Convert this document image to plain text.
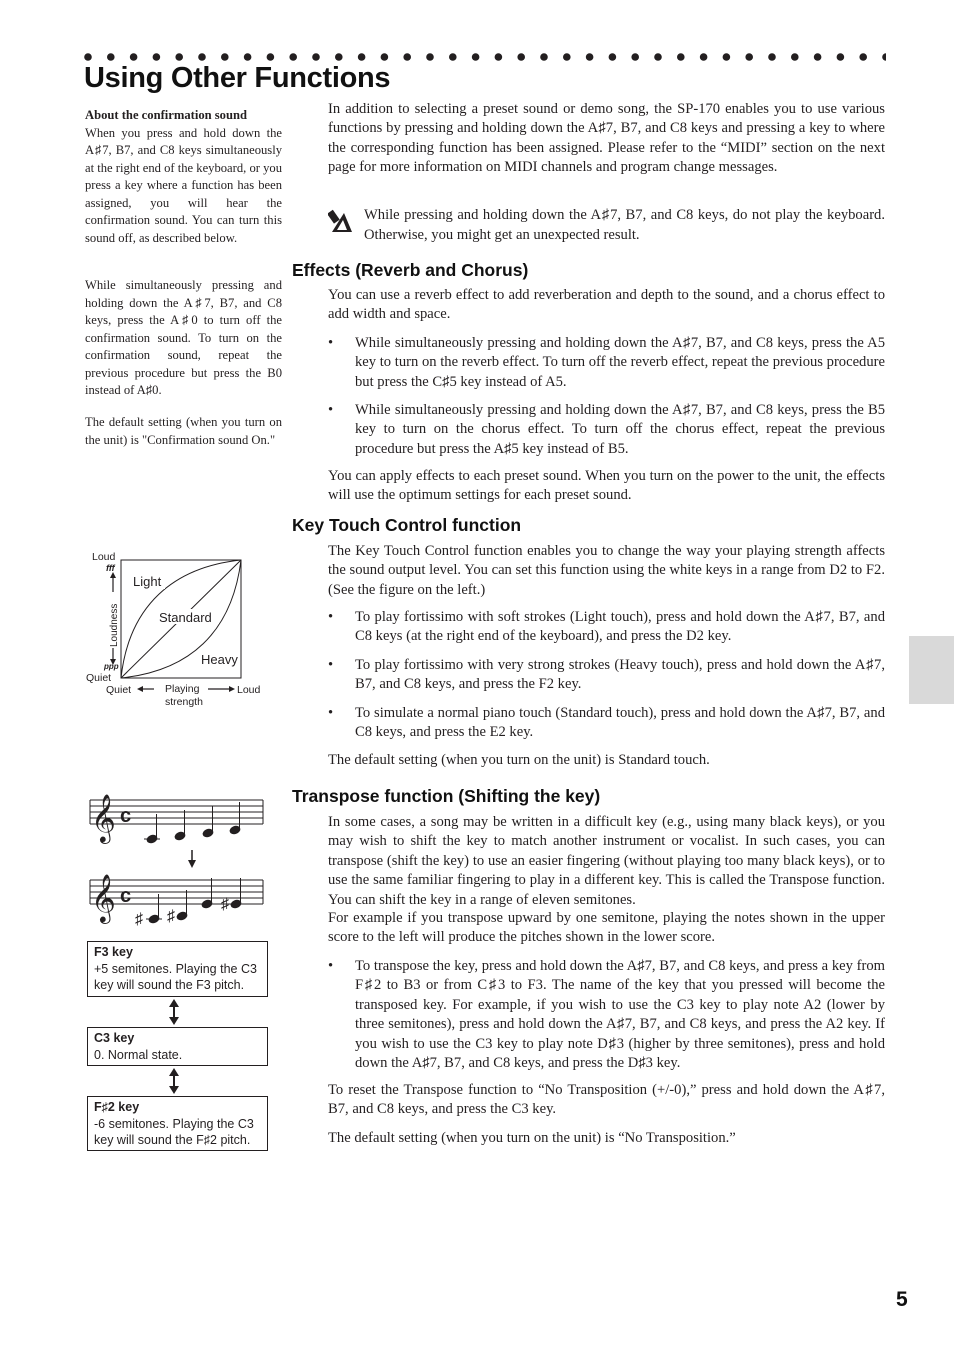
Using Other Functions
About the confirmation sound
When you press and hold down the A♯7, B7, and C8 keys simultaneously at the right end of the keyboard, or you press a key where a function has been assigned, you will hear the confirmation sound. You can turn this sound off, as described below.
While simultaneously pressing and holding down the A♯7, B7, and C8 keys, press the A♯0 to turn off the confirmation sound. To turn on the confirmation sound, repeat the previous procedure but press the B0 instead of A♯0.
The default setting (when you turn on the unit) is "Confirmation sound On."
In addition to selecting a preset sound or demo song, the SP-170 enables you to use various functions by pressing and holding down the A♯7, B7, and C8 keys and pressing a key to where the corresponding function has been assigned. Please refer to the “MIDI” section on the next page for more information on MIDI channels and program change messages.
While pressing and holding down the A♯7, B7, and C8 keys, do not play the keyboard. Otherwise, you might get an unexpected result.
Effects (Reverb and Chorus)
You can use a reverb effect to add reverberation and depth to the sound, and a chorus effect to add width and space.
• While simultaneously pressing and holding down the A♯7, B7, and C8 keys, press the A5 key to turn on the reverb effect. To turn off the reverb effect, repeat the previous procedure but press the C♯5 key instead of A5.
• While simultaneously pressing and holding down the A♯7, B7, and C8 keys, press the B5 key to turn on the chorus effect. To turn off the chorus effect, repeat the previous procedure but press the A♯5 key instead of B5.
You can apply effects to each preset sound. When you turn on the power to the unit, the effects will use the optimum settings for each preset sound.
Key Touch Control function
The Key Touch Control function enables you to change the way your playing strength affects the sound output level. You can set this function using the white keys in a range from D2 to F2. (See the figure on the left.)
• To play fortissimo with soft strokes (Light touch), press and hold down the A♯7, B7, and C8 keys (at the right end of the keyboard), and press the D2 key.
• To play fortissimo with very strong strokes (Heavy touch), press and hold down the A♯7, B7, and C8 keys, and press the F2 key.
• To simulate a normal piano touch (Standard touch), press and hold down the A♯7, B7, and C8 keys, and press the E2 key.
The default setting (when you turn on the unit) is Standard touch.
Loud
fff
Loudness
ppp
Quiet
Light
Standard
Heavy
Quiet	Playing
strength
Loud
Transpose function (Shifting the key)
In some cases, a song may be written in a difficult key (e.g., using many black keys), or you may wish to shift the key to match another instrument or vocalist. In such cases, you can transpose (shift the key) to use an easier fingering (without playing too many black keys), or to use the same familiar fingering to play in a different key. This is called the Transpose function. You can shift the key in a range of eleven semitones.
For example if you transpose upward by one semitone, playing the notes shown in the upper score to the left will produce the pitches shown in the lower score.
• To transpose the key, press and hold down the A♯7, B7, and C8 keys, and press a key from F♯2 to B3 or from C♯3 to F3. The name of the key that you pressed will become the transposed key. For example, if you wish to use the C3 key to play note A2 (lower by three semitones), press and hold down the A♯7, B7, and C8 keys, and press the A2 key. If you wish to use the C3 key to play note D♯3 (higher by three semitones), press and hold down the A♯7, B7, and C8 keys, and press the D♯3 key.
To reset the Transpose function to “No Transposition (+/-0),” press and hold down the A♯7, B7, and C8 keys, and press the C3 key.
The default setting (when you turn on the unit) is “No Transposition.”
𝄞 c
𝄞 c
♯ ♯
♯
F3 key
+5 semitones. Playing the C3 key will sound the F3 pitch.
C3 key
0. Normal state.
F♯2 key
-6 semitones. Playing the C3 key will sound the F♯2 pitch.
5
